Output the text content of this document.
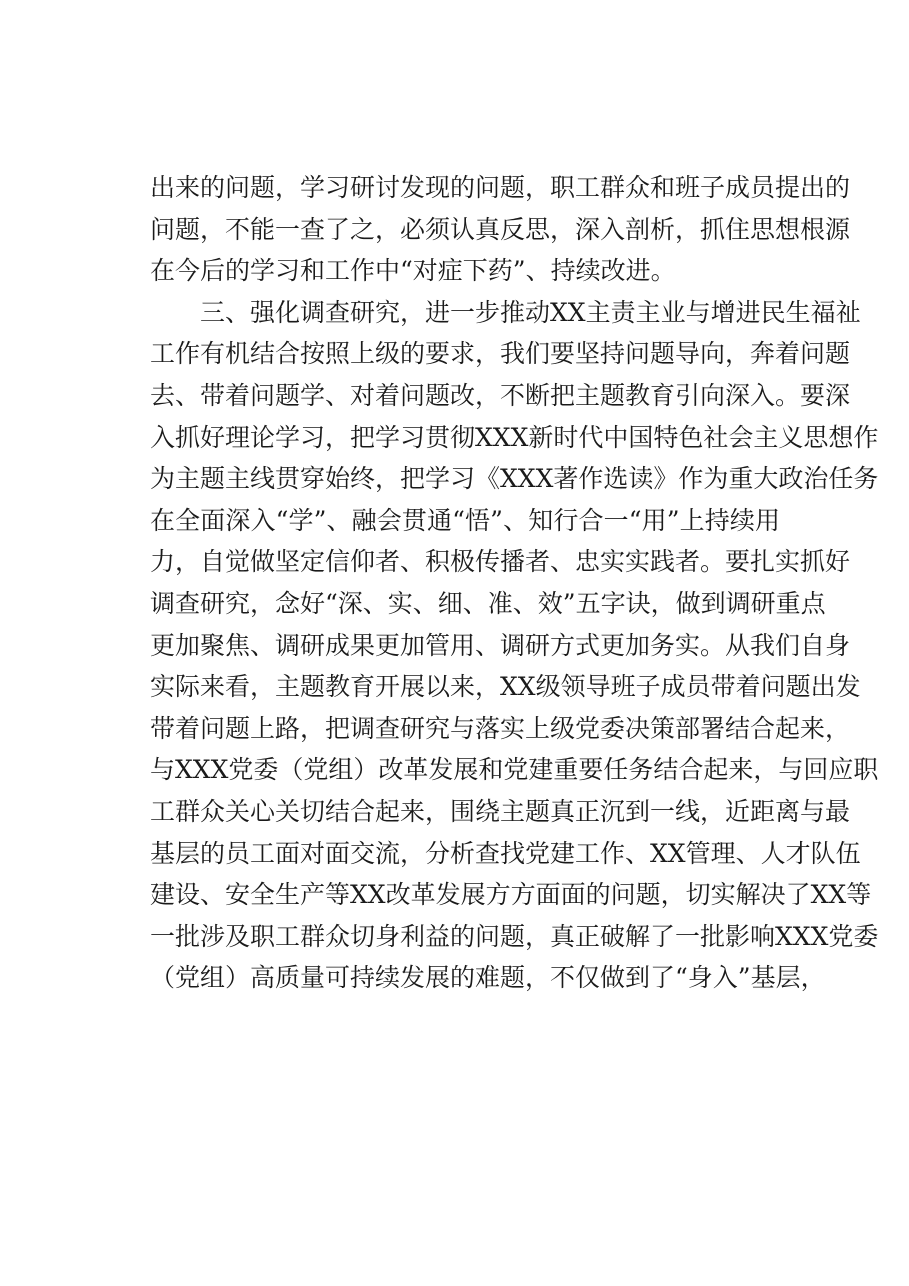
出来的问题，学习研讨发现的问题，职工群众和班子成员提出的
问题，不能一查了之，必须认真反思，深入剖析，抓住思想根源
在今后的学习和工作中“对症下药”、持续改进。
三、强化调查研究，进一步推动XX主责主业与增进民生福祉
工作有机结合按照上级的要求，我们要坚持问题导向，奔着问题
去、带着问题学、对着问题改，不断把主题教育引向深入。要深
入抓好理论学习，把学习贯彻XXX新时代中国特色社会主义思想作
为主题主线贯穿始终，把学习《XXX著作选读》作为重大政治任务
在全面深入“学”、融会贯通“悟”、知行合一“用”上持续用
力，自觉做坚定信仰者、积极传播者、忠实实践者。要扎实抓好
调查研究，念好“深、实、细、准、效”五字诀，做到调研重点
更加聚焦、调研成果更加管用、调研方式更加务实。从我们自身
实际来看，主题教育开展以来，XX级领导班子成员带着问题出发
带着问题上路，把调查研究与落实上级党委决策部署结合起来，
与XXX党委（党组）改革发展和党建重要任务结合起来，与回应职
工群众关心关切结合起来，围绕主题真正沉到一线，近距离与最
基层的员工面对面交流，分析查找党建工作、XX管理、人才队伍
建设、安全生产等XX改革发展方方面面的问题，切实解决了XX等
一批涉及职工群众切身利益的问题，真正破解了一批影响XXX党委
（党组）高质量可持续发展的难题，不仅做到了“身入”基层，
